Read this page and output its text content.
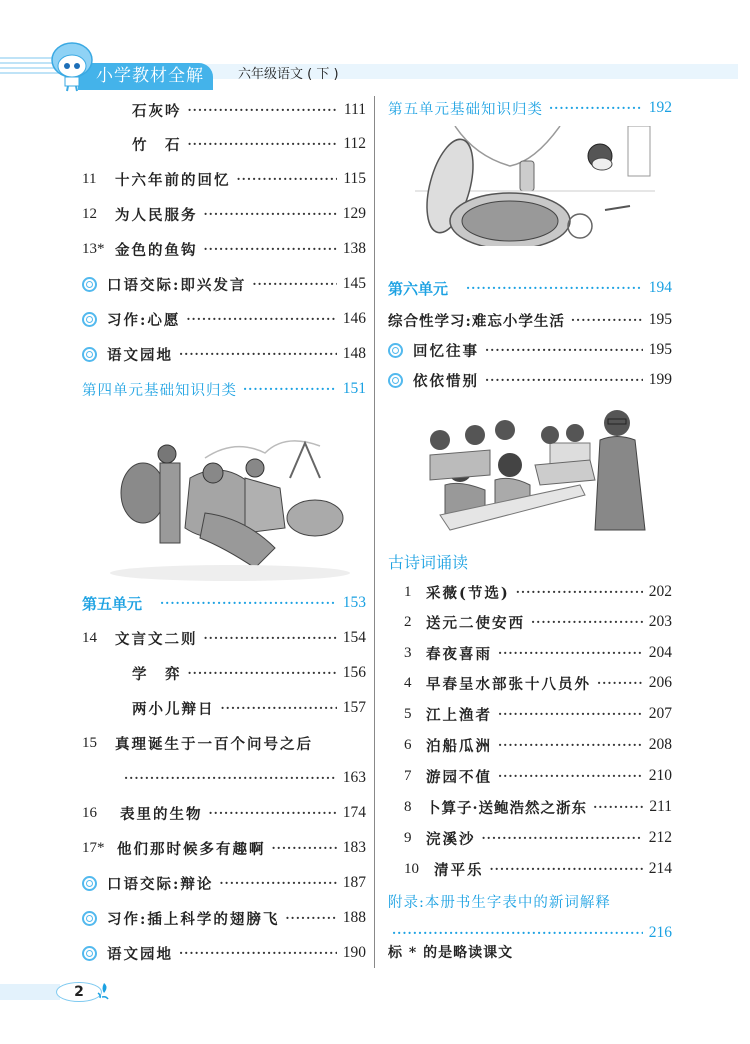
小学教材全解	六年级语文 ( 下 )
石灰吟 ·····	111
竹　石 ·····	112
11	十六年前的回忆 ·····	115
12	为人民服务 ·····	129
13* 金色的鱼钩 ·····	138
口语交际:即兴发言 ·····	145
习作:心愿 ·····	146
语文园地 ·····	148
第四单元基础知识归类 ·····	151
第五单元 ·····	153
14	文言文二则 ·····	154
学　弈 ·····	156
两小儿辩日 ·····	157
15	真理诞生于一百个问号之后
·····
163
16	表里的生物 ·····	174
17* 他们那时候多有趣啊 ·····	183
口语交际:辩论 ·····	187
习作:插上科学的翅膀飞 ·····	188
语文园地 ·····	190
第五单元基础知识归类 ·····	192
第六单元 ·····	194
综合性学习:难忘小学生活 ·····	195
回忆往事 ·····	195
依依惜别 ·····	199
古诗词诵读
1	采薇(节选) ·····	202
2	送元二使安西 ·····	203
3	春夜喜雨 ·····	204
4	早春呈水部张十八员外 ·····	206
5	江上渔者 ·····	207
6	泊船瓜洲 ·····	208
7	游园不值 ·····	210
8	卜算子·送鲍浩然之浙东 ·····	211
9	浣溪沙 ·····	212
10	清平乐 ·····	214
附录:本册书生字表中的新词解释
·····
216
标 * 的是略读课文
2
